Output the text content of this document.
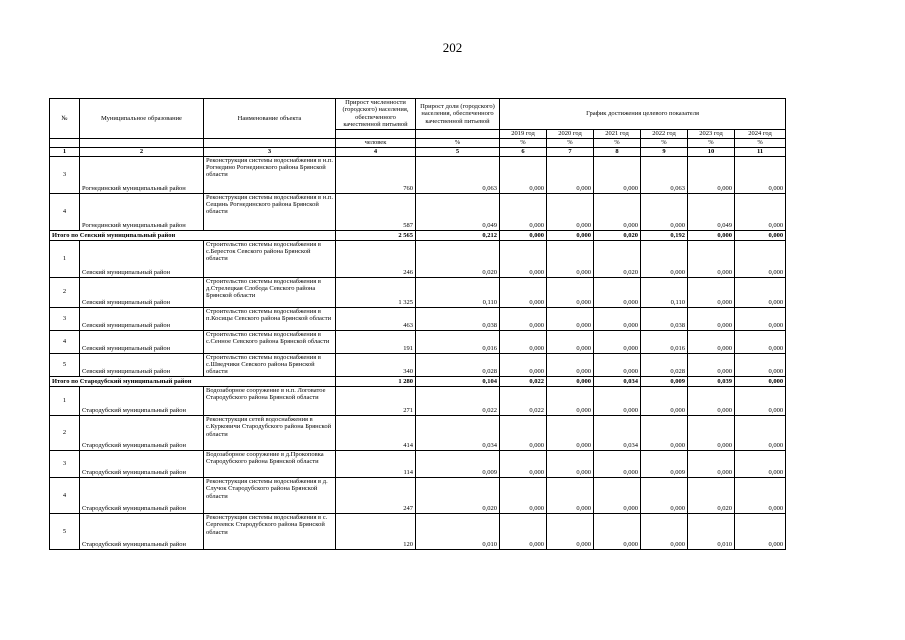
202
№	Муниципальное образование	Наименование объекта	Прирост численности (городского) населения, обеспеченного качественной питьевой	Прирост доли (городского) населения, обеспеченного качественной питьевой	График достижения целевого показателя					
					2019 год	2020 год	2021 год	2022 год	2023 год	2024 год
			человек	%	%	%	%	%	%	%
1	2	3	4	5	6	7	8	9	10	11
3	Рогнединский муниципальный район	Реконструкция системы водоснабжения в н.п. Рогнедино Рогнединского района Брянской области	760	0,063	0,000	0,000	0,000	0,063	0,000	0,000
4	Рогнединский муниципальный район	Реконструкция системы водоснабжения в н.п. Сещинь Рогнединского района Брянской области	587	0,049	0,000	0,000	0,000	0,000	0,049	0,000
Итого по Севский муниципальный район			2 565	0,212	0,000	0,000	0,020	0,192	0,000	0,000
1	Севский муниципальный район	Строительство системы водоснабжения в с.Бересток Севского района Брянской области	246	0,020	0,000	0,000	0,020	0,000	0,000	0,000
2	Севский муниципальный район	Строительство системы водоснабжения в д.Стрелецкая Слобода Севского района Брянской области	1 325	0,110	0,000	0,000	0,000	0,110	0,000	0,000
3	Севский муниципальный район	Строительство системы водоснабжения в п.Косицы Севского района Брянской области	463	0,038	0,000	0,000	0,000	0,038	0,000	0,000
4	Севский муниципальный район	Строительство системы водоснабжения в с.Сенное Севского района Брянской области	191	0,016	0,000	0,000	0,000	0,016	0,000	0,000
5	Севский муниципальный район	Строительство системы водоснабжения в с.Шведчики Севского района Брянской области	340	0,028	0,000	0,000	0,000	0,028	0,000	0,000
Итого по Стародубский муниципальный район			1 280	0,104	0,022	0,000	0,034	0,009	0,039	0,000
1	Стародубский муниципальный район	Водозаборное сооружение в н.п. Логоватое Стародубского района Брянской области	271	0,022	0,022	0,000	0,000	0,000	0,000	0,000
2	Стародубский муниципальный район	Реконструкция сетей водоснабжения в с.Курковичи Стародубского района Брянской области	414	0,034	0,000	0,000	0,034	0,000	0,000	0,000
3	Стародубский муниципальный район	Водозаборное сооружение в д.Прокоповка Стародубского района Брянской области	114	0,009	0,000	0,000	0,000	0,009	0,000	0,000
4	Стародубский муниципальный район	Реконструкция системы водоснабжения в д. Случок Стародубского района Брянской области	247	0,020	0,000	0,000	0,000	0,000	0,020	0,000
5	Стародубский муниципальный район	Реконструкция системы водоснабжения в с. Сергеевск Стародубского района Брянской области	120	0,010	0,000	0,000	0,000	0,000	0,010	0,000
